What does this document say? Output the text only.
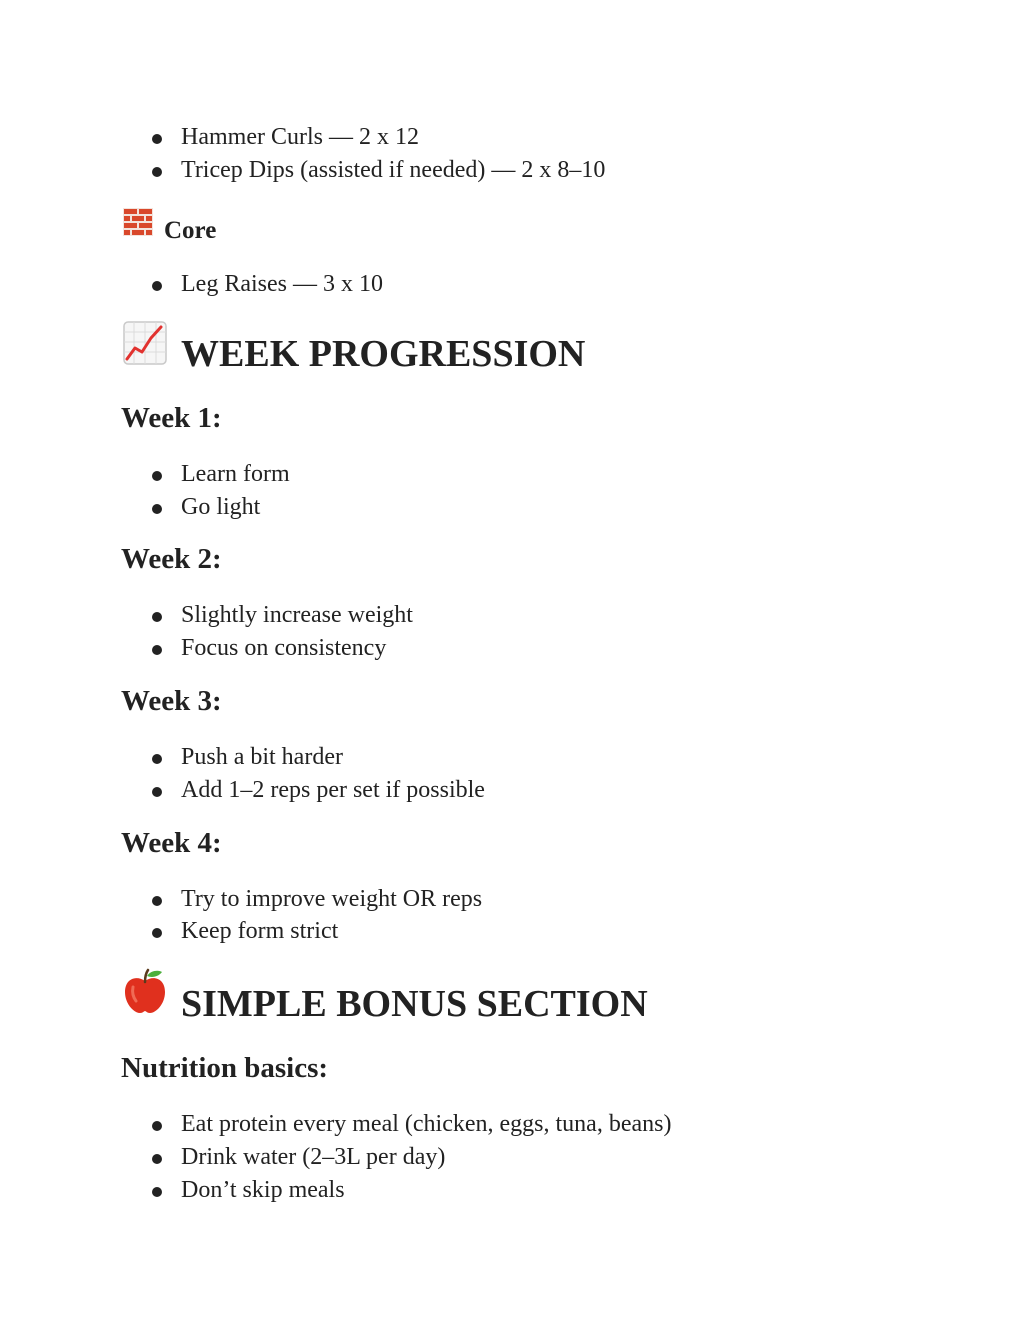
Hammer Curls — 2 x 12
Tricep Dips (assisted if needed) — 2 x 8–10
Core
Leg Raises — 3 x 10
WEEK PROGRESSION
Week 1:
Learn form
Go light
Week 2:
Slightly increase weight
Focus on consistency
Week 3:
Push a bit harder
Add 1–2 reps per set if possible
Week 4:
Try to improve weight OR reps
Keep form strict
SIMPLE BONUS SECTION
Nutrition basics:
Eat protein every meal (chicken, eggs, tuna, beans)
Drink water (2–3L per day)
Don’t skip meals
